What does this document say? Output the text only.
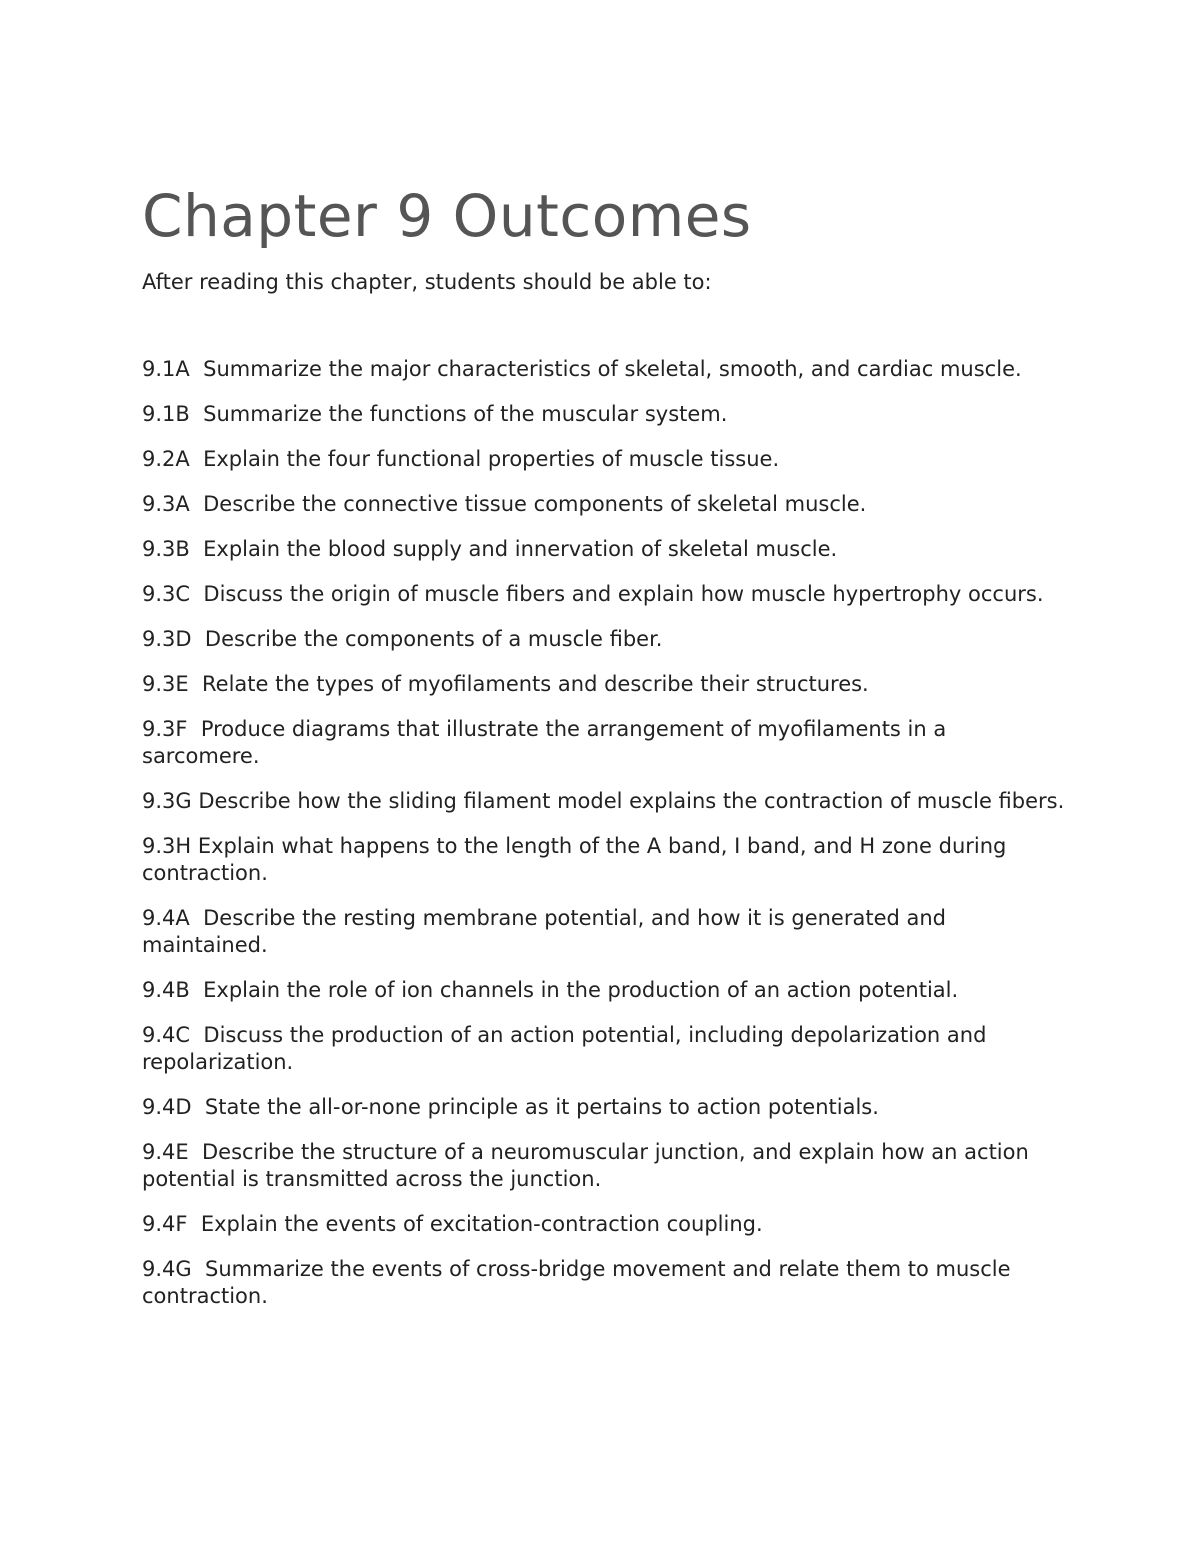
Chapter 9 Outcomes

After reading this chapter, students should be able to:

9.1A  Summarize the major characteristics of skeletal, smooth, and cardiac muscle.
9.1B  Summarize the functions of the muscular system.
9.2A  Explain the four functional properties of muscle tissue.
9.3A  Describe the connective tissue components of skeletal muscle.
9.3B  Explain the blood supply and innervation of skeletal muscle.
9.3C  Discuss the origin of muscle fibers and explain how muscle hypertrophy occurs.
9.3D  Describe the components of a muscle fiber.
9.3E  Relate the types of myofilaments and describe their structures.
9.3F  Produce diagrams that illustrate the arrangement of myofilaments in a sarcomere.
9.3G Describe how the sliding filament model explains the contraction of muscle fibers.
9.3H Explain what happens to the length of the A band, I band, and H zone during contraction.
9.4A  Describe the resting membrane potential, and how it is generated and maintained.
9.4B  Explain the role of ion channels in the production of an action potential.
9.4C  Discuss the production of an action potential, including depolarization and repolarization.
9.4D  State the all-or-none principle as it pertains to action potentials.
9.4E  Describe the structure of a neuromuscular junction, and explain how an action potential is transmitted across the junction.
9.4F  Explain the events of excitation-contraction coupling.
9.4G  Summarize the events of cross-bridge movement and relate them to muscle contraction.
